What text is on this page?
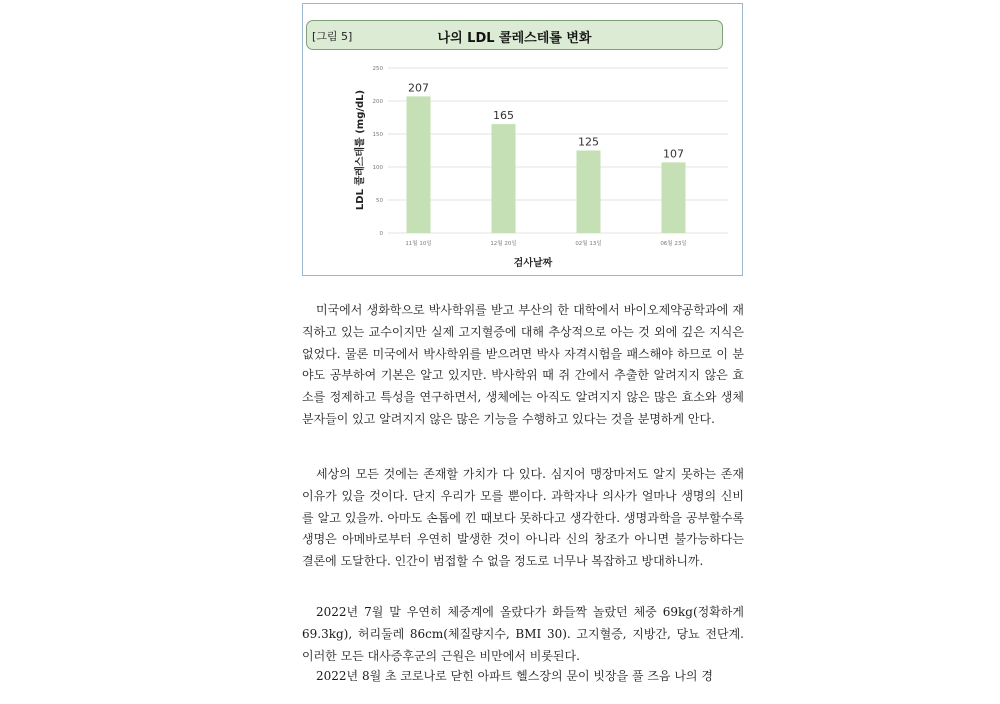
[그림 5]	나의 LDL 콜레스테롤 변화
0
50
100
150
200
250
207
11월 10일
165
12월 20일
125
02월 13일
107
06월 23일
검사날짜
LDL 콜레스테롤 (mg/dL)

미국에서 생화학으로 박사학위를 받고 부산의 한 대학에서 바이오제약공학과에 재직하고 있는 교수이지만 실제 고지혈증에 대해 추상적으로 아는 것 외에 깊은 지식은 없었다. 물론 미국에서 박사학위를 받으려면 박사 자격시험을 패스해야 하므로 이 분야도 공부하여 기본은 알고 있지만. 박사학위 때 쥐 간에서 추출한 알려지지 않은 효소를 정제하고 특성을 연구하면서, 생체에는 아직도 알려지지 않은 많은 효소와 생체분자들이 있고 알려지지 않은 많은 기능을 수행하고 있다는 것을 분명하게 안다.

세상의 모든 것에는 존재할 가치가 다 있다. 심지어 맹장마저도 알지 못하는 존재 이유가 있을 것이다. 단지 우리가 모를 뿐이다. 과학자나 의사가 얼마나 생명의 신비를 알고 있을까. 아마도 손톱에 낀 때보다 못하다고 생각한다. 생명과학을 공부할수록 생명은 아메바로부터 우연히 발생한 것이 아니라 신의 창조가 아니면 불가능하다는 결론에 도달한다. 인간이 범접할 수 없을 정도로 너무나 복잡하고 방대하니까.

2022년 7월 말 우연히 체중계에 올랐다가 화들짝 놀랐던 체중 69kg(정확하게 69.3kg), 허리둘레 86cm(체질량지수, BMI 30). 고지혈증, 지방간, 당뇨 전단계. 이러한 모든 대사증후군의 근원은 비만에서 비롯된다.

2022년 8월 초 코로나로 닫힌 아파트 헬스장의 문이 빗장을 풀 즈음 나의 경
